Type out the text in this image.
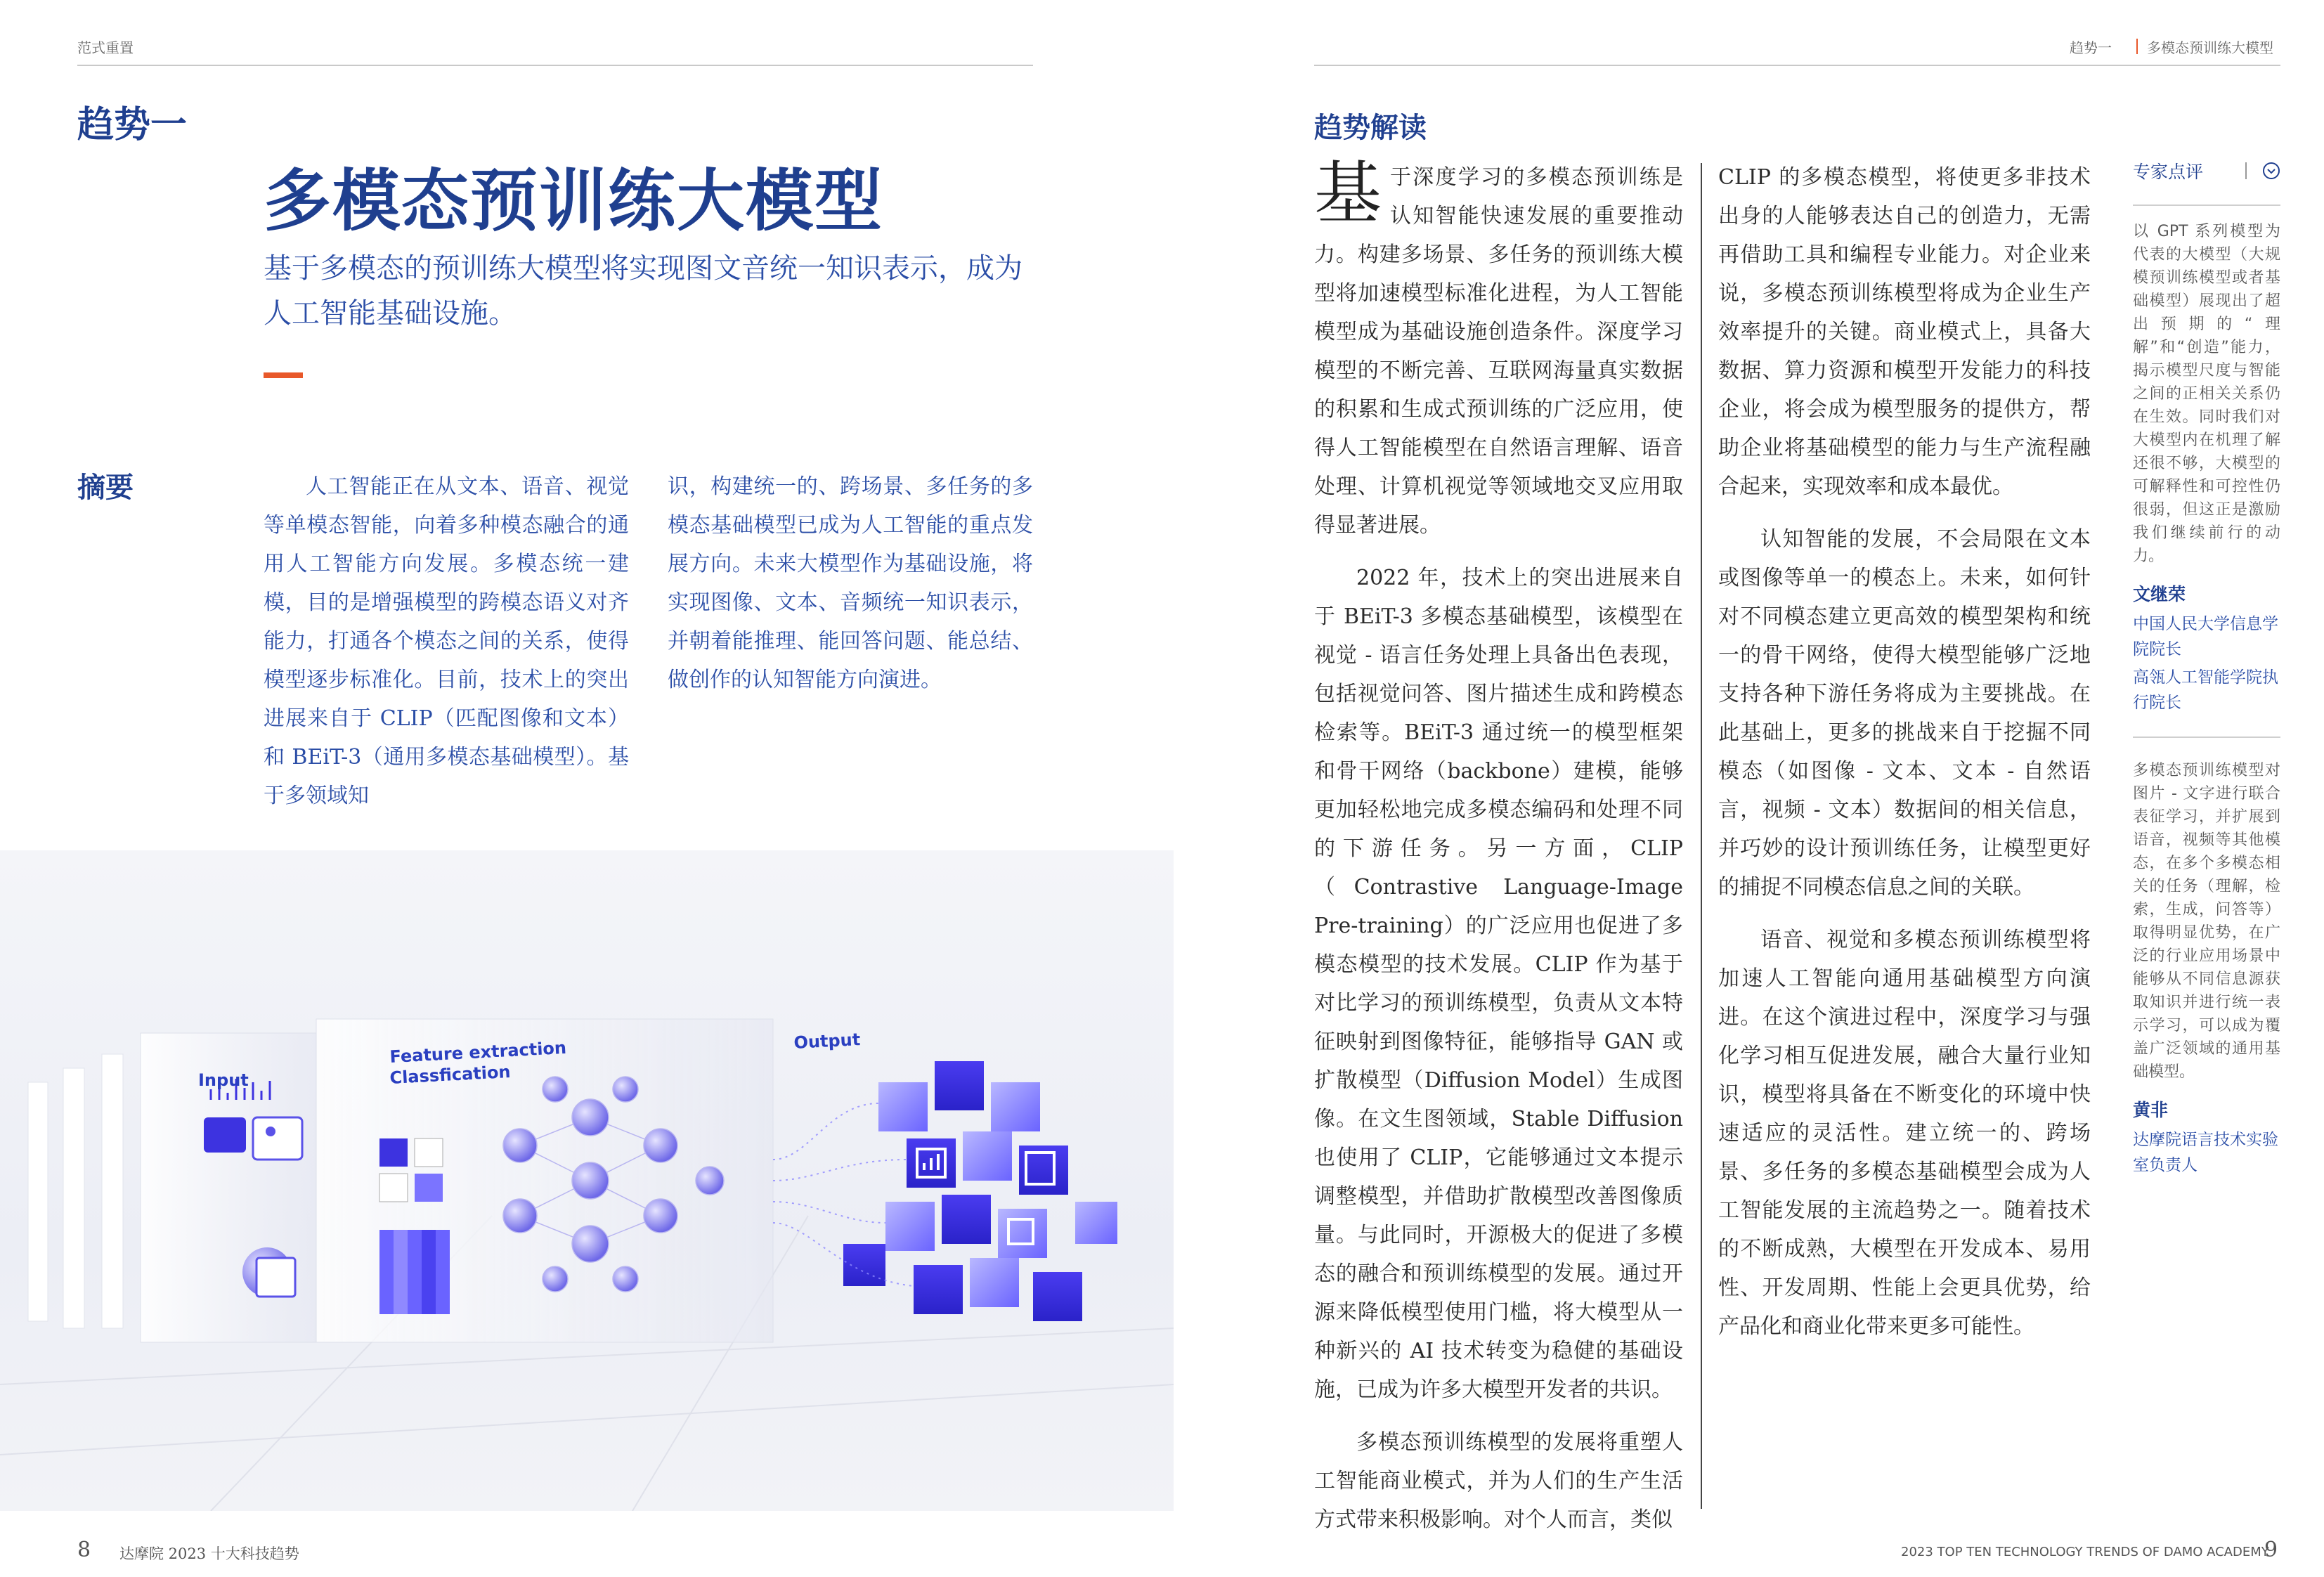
范式重置	趋势一	多模态预训练大模型
趋势一
多模态预训练大模型
基于多模态的预训练大模型将实现图文音统一知识表示，成为人工智能基础设施。
摘要	人工智能正在从文本、语音、视觉等单模态智能，向着多种模态融合的通用人工智能方向发展。多模态统一建模，目的是增强模型的跨模态语义对齐能力，打通各个模态之间的关系，使得模型逐步标准化。目前，技术上的突出进展来自于 CLIP（匹配图像和文本）和 BEiT-3（通用多模态基础模型）。基于多领域知

识，构建统一的、跨场景、多任务的多模态基础模型已成为人工智能的重点发展方向。未来大模型作为基础设施，将实现图像、文本、音频统一知识表示，并朝着能推理、能回答问题、能总结、做创作的认知智能方向演进。

Input
Feature extraction
Classfication
Output
趋势解读

基于深度学习的多模态预训练是认知智能快速发展的重要推动力。构建多场景、多任务的预训练大模型将加速模型标准化进程，为人工智能模型成为基础设施创造条件。深度学习模型的不断完善、互联网海量真实数据的积累和生成式预训练的广泛应用，使得人工智能模型在自然语言理解、语音处理、计算机视觉等领域地交叉应用取得显著进展。

2022 年，技术上的突出进展来自于 BEiT-3 多模态基础模型，该模型在视觉 - 语言任务处理上具备出色表现，包括视觉问答、图片描述生成和跨模态检索等。BEiT-3 通过统一的模型框架和骨干网络（backbone）建模，能够更加轻松地完成多模态编码和处理不同的下游任务。另一方面，CLIP（Contrastive Language-Image Pre-training）的广泛应用也促进了多模态模型的技术发展。CLIP 作为基于对比学习的预训练模型，负责从文本特征映射到图像特征，能够指导 GAN 或扩散模型（Diffusion Model）生成图像。在文生图领域，Stable Diffusion 也使用了 CLIP，它能够通过文本提示调整模型，并借助扩散模型改善图像质量。与此同时，开源极大的促进了多模态的融合和预训练模型的发展。通过开源来降低模型使用门槛，将大模型从一种新兴的 AI 技术转变为稳健的基础设施，已成为许多大模型开发者的共识。

多模态预训练模型的发展将重塑人工智能商业模式，并为人们的生产生活方式带来积极影响。对个人而言，类似

CLIP 的多模态模型，将使更多非技术出身的人能够表达自己的创造力，无需再借助工具和编程专业能力。对企业来说，多模态预训练模型将成为企业生产效率提升的关键。商业模式上，具备大数据、算力资源和模型开发能力的科技企业，将会成为模型服务的提供方，帮助企业将基础模型的能力与生产流程融合起来，实现效率和成本最优。

认知智能的发展，不会局限在文本或图像等单一的模态上。未来，如何针对不同模态建立更高效的模型架构和统一的骨干网络，使得大模型能够广泛地支持各种下游任务将成为主要挑战。在此基础上，更多的挑战来自于挖掘不同模态（如图像 - 文本、文本 - 自然语言，视频 - 文本）数据间的相关信息，并巧妙的设计预训练任务，让模型更好的捕捉不同模态信息之间的关联。

语音、视觉和多模态预训练模型将加速人工智能向通用基础模型方向演进。在这个演进过程中，深度学习与强化学习相互促进发展，融合大量行业知识，模型将具备在不断变化的环境中快速适应的灵活性。建立统一的、跨场景、多任务的多模态基础模型会成为人工智能发展的主流趋势之一。随着技术的不断成熟，大模型在开发成本、易用性、开发周期、性能上会更具优势，给产品化和商业化带来更多可能性。

专家点评
以 GPT 系列模型为代表的大模型（大规模预训练模型或者基础模型）展现出了超出预期的“理解”和“创造”能力，揭示模型尺度与智能之间的正相关关系仍在生效。同时我们对大模型内在机理了解还很不够，大模型的可解释性和可控性仍很弱，但这正是激励我们继续前行的动力。
文继荣
中国人民大学信息学院院长
高瓴人工智能学院执行院长
多模态预训练模型对图片 - 文字进行联合表征学习，并扩展到语音，视频等其他模态，在多个多模态相关的任务（理解，检索，生成，问答等）取得明显优势，在广泛的行业应用场景中能够从不同信息源获取知识并进行统一表示学习，可以成为覆盖广泛领域的通用基础模型。
黄非
达摩院语言技术实验室负责人
8 达摩院 2023 十大科技趋势	2023 TOP TEN TECHNOLOGY TRENDS OF DAMO ACADEMY
9
